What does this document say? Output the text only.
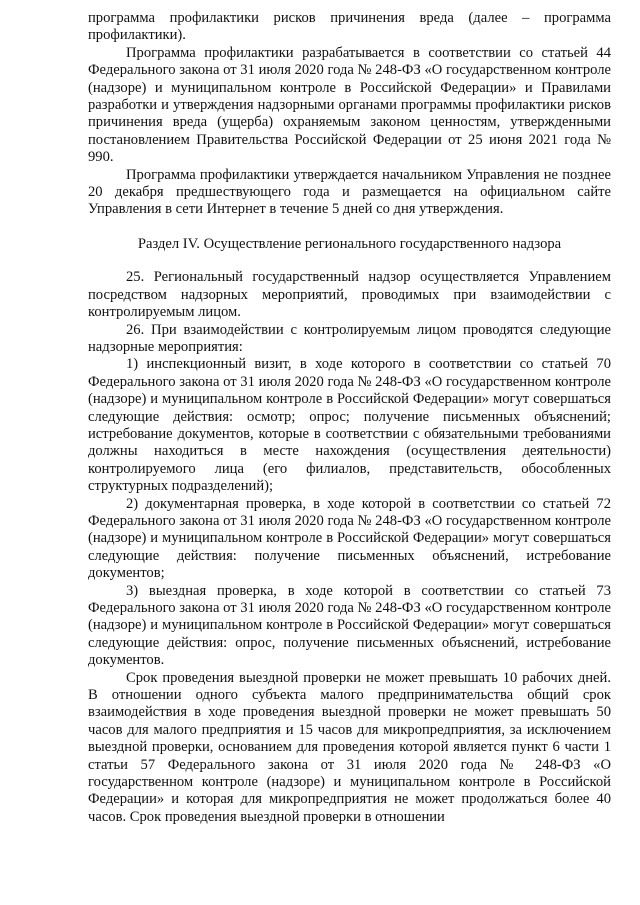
программа профилактики рисков причинения вреда (далее – программа профилактики).

Программа профилактики разрабатывается в соответствии со статьей 44 Федерального закона от 31 июля 2020 года № 248-ФЗ «О государственном контроле (надзоре) и муниципальном контроле в Российской Федерации» и Правилами разработки и утверждения надзорными органами программы профилактики рисков причинения вреда (ущерба) охраняемым законом ценностям, утвержденными постановлением Правительства Российской Федерации от 25 июня 2021 года № 990.

Программа профилактики утверждается начальником Управления не позднее 20 декабря предшествующего года и размещается на официальном сайте Управления в сети Интернет в течение 5 дней со дня утверждения.

Раздел IV. Осуществление регионального государственного надзора

25. Региональный государственный надзор осуществляется Управлением посредством надзорных мероприятий, проводимых при взаимодействии с контролируемым лицом.

26. При взаимодействии с контролируемым лицом проводятся следующие надзорные мероприятия:

1) инспекционный визит, в ходе которого в соответствии со статьей 70 Федерального закона от 31 июля 2020 года № 248-ФЗ «О государственном контроле (надзоре) и муниципальном контроле в Российской Федерации» могут совершаться следующие действия: осмотр; опрос; получение письменных объяснений; истребование документов, которые в соответствии с обязательными требованиями должны находиться в месте нахождения (осуществления деятельности) контролируемого лица (его филиалов, представительств, обособленных структурных подразделений);

2) документарная проверка, в ходе которой в соответствии со статьей 72 Федерального закона от 31 июля 2020 года № 248-ФЗ «О государственном контроле (надзоре) и муниципальном контроле в Российской Федерации» могут совершаться следующие действия: получение письменных объяснений, истребование документов;

3) выездная проверка, в ходе которой в соответствии со статьей 73 Федерального закона от 31 июля 2020 года № 248-ФЗ «О государственном контроле (надзоре) и муниципальном контроле в Российской Федерации» могут совершаться следующие действия: опрос, получение письменных объяснений, истребование документов.

Срок проведения выездной проверки не может превышать 10 рабочих дней. В отношении одного субъекта малого предпринимательства общий срок взаимодействия в ходе проведения выездной проверки не может превышать 50 часов для малого предприятия и 15 часов для микропредприятия, за исключением выездной проверки, основанием для проведения которой является пункт 6 части 1 статьи 57 Федерального закона от 31 июля 2020 года № 248-ФЗ «О государственном контроле (надзоре) и муниципальном контроле в Российской Федерации» и которая для микропредприятия не может продолжаться более 40 часов. Срок проведения выездной проверки в отношении
